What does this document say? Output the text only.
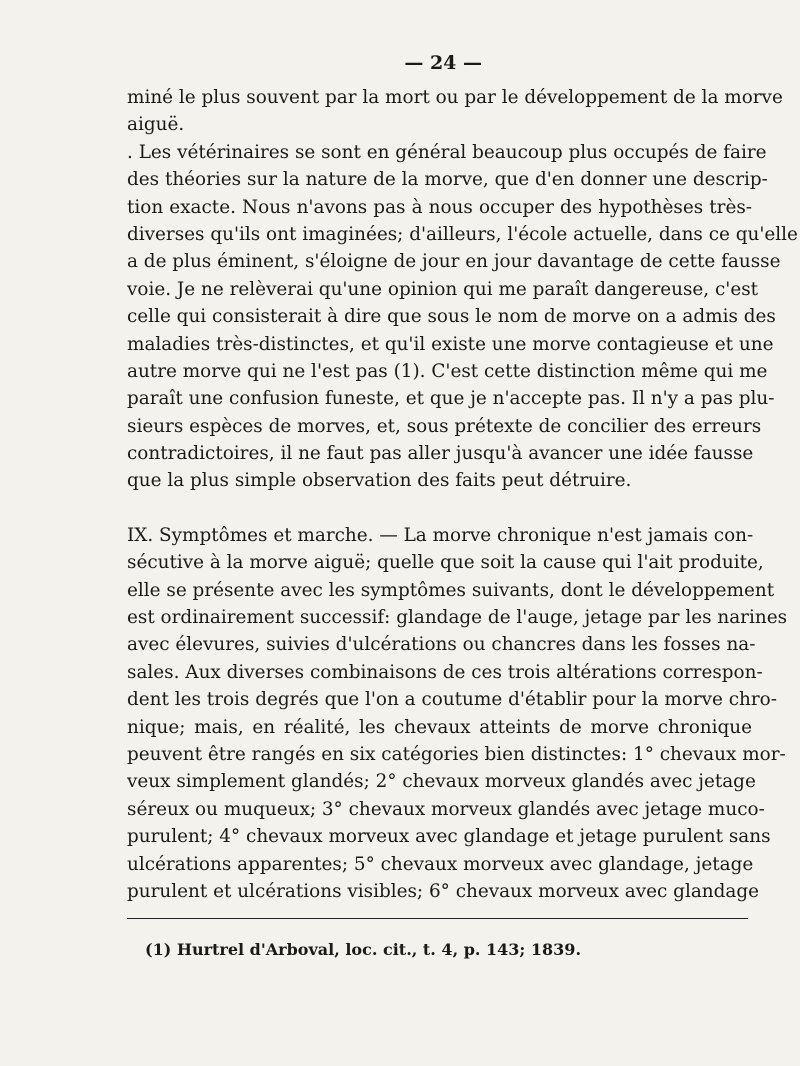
— 24 —
miné le plus souvent par la mort ou par le développement de la morve
aiguë.
. Les vétérinaires se sont en général beaucoup plus occupés de faire
des théories sur la nature de la morve, que d'en donner une descrip-
tion exacte. Nous n'avons pas à nous occuper des hypothèses très-
diverses qu'ils ont imaginées; d'ailleurs, l'école actuelle, dans ce qu'elle
a de plus éminent, s'éloigne de jour en jour davantage de cette fausse
voie. Je ne relèverai qu'une opinion qui me paraît dangereuse, c'est
celle qui consisterait à dire que sous le nom de morve on a admis des
maladies très-distinctes, et qu'il existe une morve contagieuse et une
autre morve qui ne l'est pas (1). C'est cette distinction même qui me
paraît une confusion funeste, et que je n'accepte pas. Il n'y a pas plu-
sieurs espèces de morves, et, sous prétexte de concilier des erreurs
contradictoires, il ne faut pas aller jusqu'à avancer une idée fausse
que la plus simple observation des faits peut détruire.
IX. Symptômes et marche. — La morve chronique n'est jamais con-
sécutive à la morve aiguë; quelle que soit la cause qui l'ait produite,
elle se présente avec les symptômes suivants, dont le développement
est ordinairement successif: glandage de l'auge, jetage par les narines
avec élevures, suivies d'ulcérations ou chancres dans les fosses na-
sales. Aux diverses combinaisons de ces trois altérations correspon-
dent les trois degrés que l'on a coutume d'établir pour la morve chro-
nique; mais, en réalité, les chevaux atteints de morve chronique
peuvent être rangés en six catégories bien distinctes: 1° chevaux mor-
veux simplement glandés; 2° chevaux morveux glandés avec jetage
séreux ou muqueux; 3° chevaux morveux glandés avec jetage muco-
purulent; 4° chevaux morveux avec glandage et jetage purulent sans
ulcérations apparentes; 5° chevaux morveux avec glandage, jetage
purulent et ulcérations visibles; 6° chevaux morveux avec glandage
(1) Hurtrel d'Arboval, loc. cit., t. 4, p. 143; 1839.
